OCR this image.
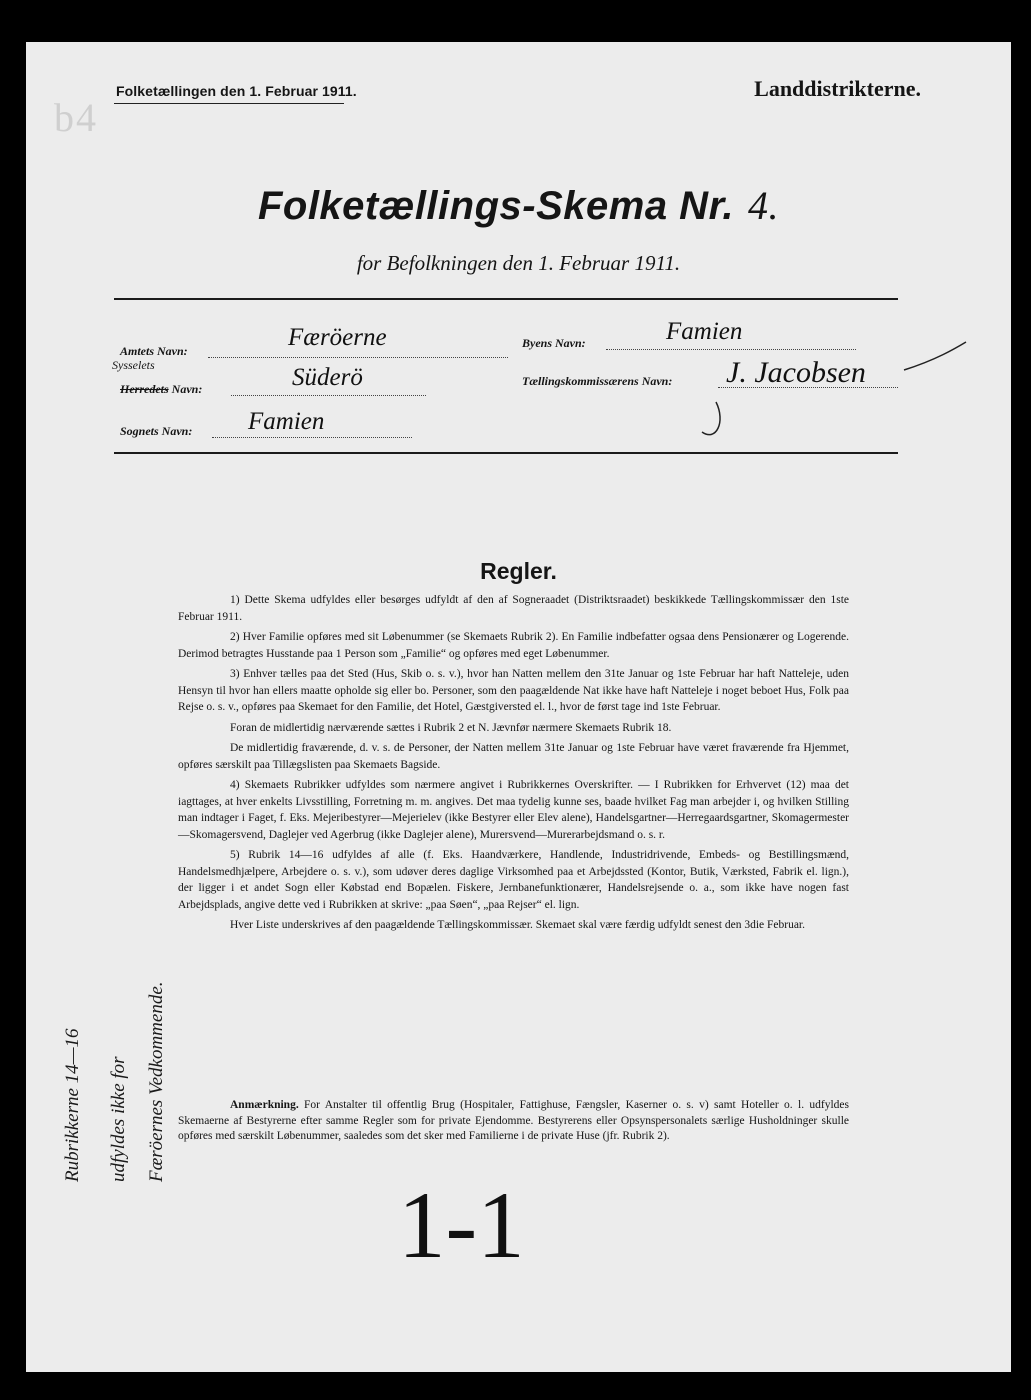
b4
Folketællingen den 1. Februar 1911.	Landdistrikterne.
Folketællings-Skema Nr. 4.
for Befolkningen den 1. Februar 1911.
Amtets Navn:	Færöerne	Byens Navn:	Famien
Sysselets
Herredets Navn:	Süderö	Tællingskommissærens Navn: J. Jacobsen
Sognets Navn: Famien
Regler.

1) Dette Skema udfyldes eller besørges udfyldt af den af Sogneraadet (Distriktsraadet) beskikkede Tællingskommissær den 1ste Februar 1911.

2) Hver Familie opføres med sit Løbenummer (se Skemaets Rubrik 2). En Familie indbefatter ogsaa dens Pensionærer og Logerende. Derimod betragtes Husstande paa 1 Person som „Familie“ og opføres med eget Løbenummer.

3) Enhver tælles paa det Sted (Hus, Skib o. s. v.), hvor han Natten mellem den 31te Januar og 1ste Februar har haft Natteleje, uden Hensyn til hvor han ellers maatte opholde sig eller bo. Personer, som den paagældende Nat ikke have haft Natteleje i noget beboet Hus, Folk paa Rejse o. s. v., opføres paa Skemaet for den Familie, det Hotel, Gæstgiversted el. l., hvor de først tage ind 1ste Februar.

Foran de midlertidig nærværende sættes i Rubrik 2 et N. Jævnfør nærmere Skemaets Rubrik 18.

De midlertidig fraværende, d. v. s. de Personer, der Natten mellem 31te Januar og 1ste Februar have været fraværende fra Hjemmet, opføres særskilt paa Tillægslisten paa Skemaets Bagside.

4) Skemaets Rubrikker udfyldes som nærmere angivet i Rubrikkernes Overskrifter. — I Rubrikken for Erhvervet (12) maa det iagttages, at hver enkelts Livsstilling, Forretning m. m. angives. Det maa tydelig kunne ses, baade hvilket Fag man arbejder i, og hvilken Stilling man indtager i Faget, f. Eks. Mejeribestyrer—Mejerielev (ikke Bestyrer eller Elev alene), Handelsgartner—Herregaardsgartner, Skomagermester—Skomagersvend, Daglejer ved Agerbrug (ikke Daglejer alene), Murersvend—Murerarbejdsmand o. s. r.

5) Rubrik 14—16 udfyldes af alle (f. Eks. Haandværkere, Handlende, Industridrivende, Embeds- og Bestillingsmænd, Handelsmedhjælpere, Arbejdere o. s. v.), som udøver deres daglige Virksomhed paa et Arbejdssted (Kontor, Butik, Værksted, Fabrik el. lign.), der ligger i et andet Sogn eller Købstad end Bopælen. Fiskere, Jernbanefunktionærer, Handelsrejsende o. a., som ikke have nogen fast Arbejdsplads, angive dette ved i Rubrikken at skrive: „paa Søen“, „paa Rejser“ el. lign.

Hver Liste underskrives af den paagældende Tællingskommissær. Skemaet skal være færdig udfyldt senest den 3die Februar.

Anmærkning. For Anstalter til offentlig Brug (Hospitaler, Fattighuse, Fængsler, Kaserner o. s. v) samt Hoteller o. l. udfyldes Skemaerne af Bestyrerne efter samme Regler som for private Ejendomme. Bestyrerens eller Opsynspersonalets særlige Husholdninger skulle opføres med særskilt Løbenummer, saaledes som det sker med Familierne i de private Huse (jfr. Rubrik 2).
Rubrikkerne 14—16 udfyldes ikke for Færöernes Vedkommende.
1-1
